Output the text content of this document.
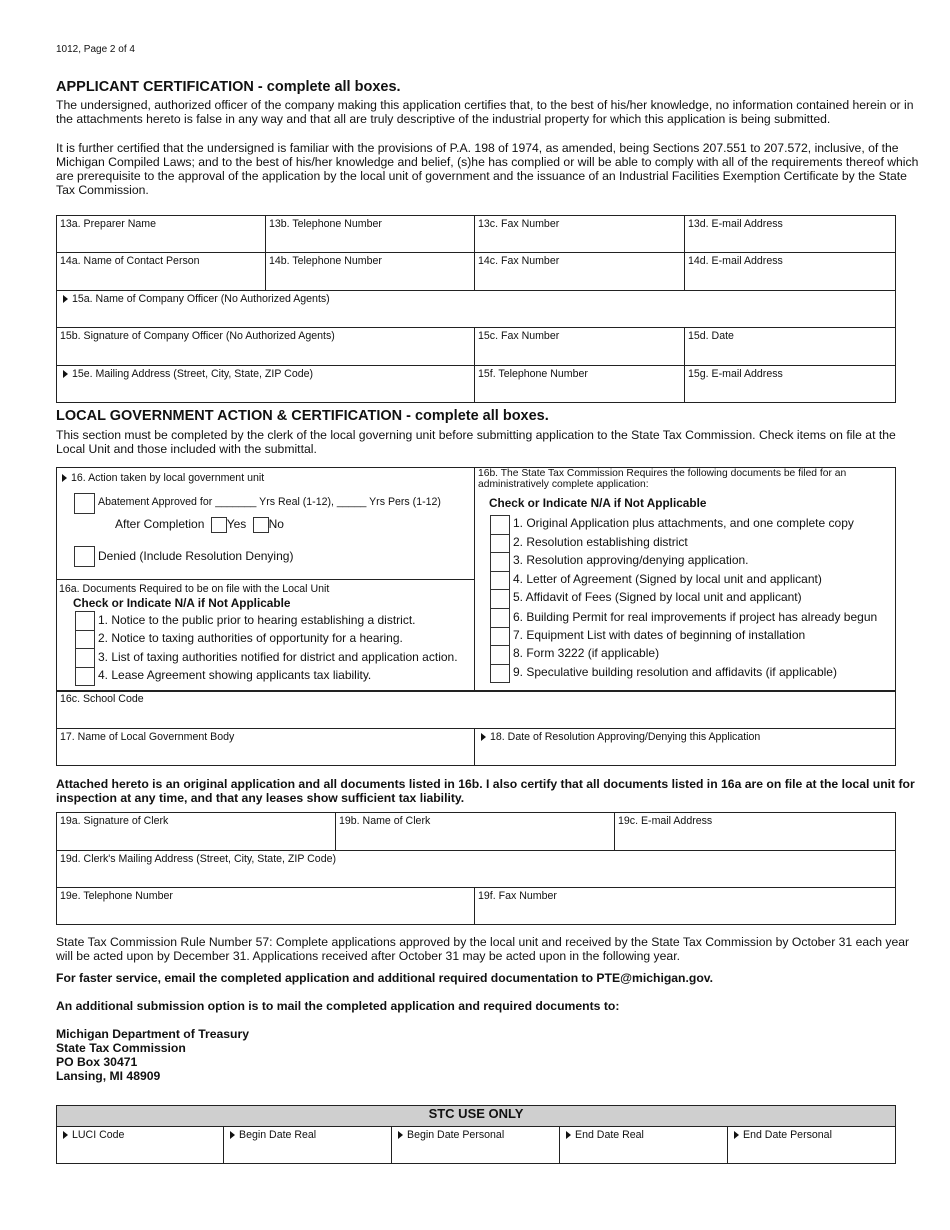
1012, Page 2 of 4
APPLICANT CERTIFICATION - complete all boxes.
The undersigned, authorized officer of the company making this application certifies that, to the best of his/her knowledge, no information contained herein or in the attachments hereto is false in any way and that all are truly descriptive of the industrial property for which this application is being submitted.
It is further certified that the undersigned is familiar with the provisions of P.A. 198 of 1974, as amended, being Sections 207.551 to 207.572, inclusive, of the Michigan Compiled Laws; and to the best of his/her knowledge and belief, (s)he has complied or will be able to comply with all of the requirements thereof which are prerequisite to the approval of the application by the local unit of government and the issuance of an Industrial Facilities Exemption Certificate by the State Tax Commission.
13a. Preparer Name	13b. Telephone Number	13c. Fax Number	13d. E-mail Address
14a. Name of Contact Person	14b. Telephone Number	14c. Fax Number	14d. E-mail Address
15a. Name of Company Officer (No Authorized Agents)			
15b. Signature of Company Officer (No Authorized Agents)		15c. Fax Number	15d. Date
15e. Mailing Address (Street, City, State, ZIP Code)		15f. Telephone Number	15g. E-mail Address
LOCAL GOVERNMENT ACTION & CERTIFICATION - complete all boxes.
This section must be completed by the clerk of the local governing unit before submitting application to the State Tax Commission. Check items on file at the Local Unit and those included with the submittal.
16. Action taken by local government unit
Abatement Approved for _______ Yrs Real (1-12), _____ Yrs Pers (1-12)
After Completion Yes No
Denied (Include Resolution Denying)
16a. Documents Required to be on file with the Local Unit
Check or Indicate N/A if Not Applicable
1. Notice to the public prior to hearing establishing a district.
2. Notice to taxing authorities of opportunity for a hearing.
3. List of taxing authorities notified for district and application action.
4. Lease Agreement showing applicants tax liability.
16b. The State Tax Commission Requires the following documents be filed for an administratively complete application:
Check or Indicate N/A if Not Applicable
1. Original Application plus attachments, and one complete copy
2. Resolution establishing district
3. Resolution approving/denying application.
4. Letter of Agreement (Signed by local unit and applicant)
5. Affidavit of Fees (Signed by local unit and applicant)
6. Building Permit for real improvements if project has already begun
7. Equipment List with dates of beginning of installation
8. Form 3222 (if applicable)
9. Speculative building resolution and affidavits (if applicable)
16c. School Code
17. Name of Local Government Body	18. Date of Resolution Approving/Denying this Application
Attached hereto is an original application and all documents listed in 16b. I also certify that all documents listed in 16a are on file at the local unit for inspection at any time, and that any leases show sufficient tax liability.
19a. Signature of Clerk	19b. Name of Clerk		19c. E-mail Address
19d. Clerk's Mailing Address (Street, City, State, ZIP Code)			
19e. Telephone Number		19f. Fax Number	
State Tax Commission Rule Number 57: Complete applications approved by the local unit and received by the State Tax Commission by October 31 each year will be acted upon by December 31. Applications received after October 31 may be acted upon in the following year.
For faster service, email the completed application and additional required documentation to PTE@michigan.gov.
An additional submission option is to mail the completed application and required documents to:
Michigan Department of Treasury
State Tax Commission
PO Box 30471
Lansing, MI 48909
STC USE ONLY
LUCI Code	Begin Date Real	Begin Date Personal	End Date Real	End Date Personal
